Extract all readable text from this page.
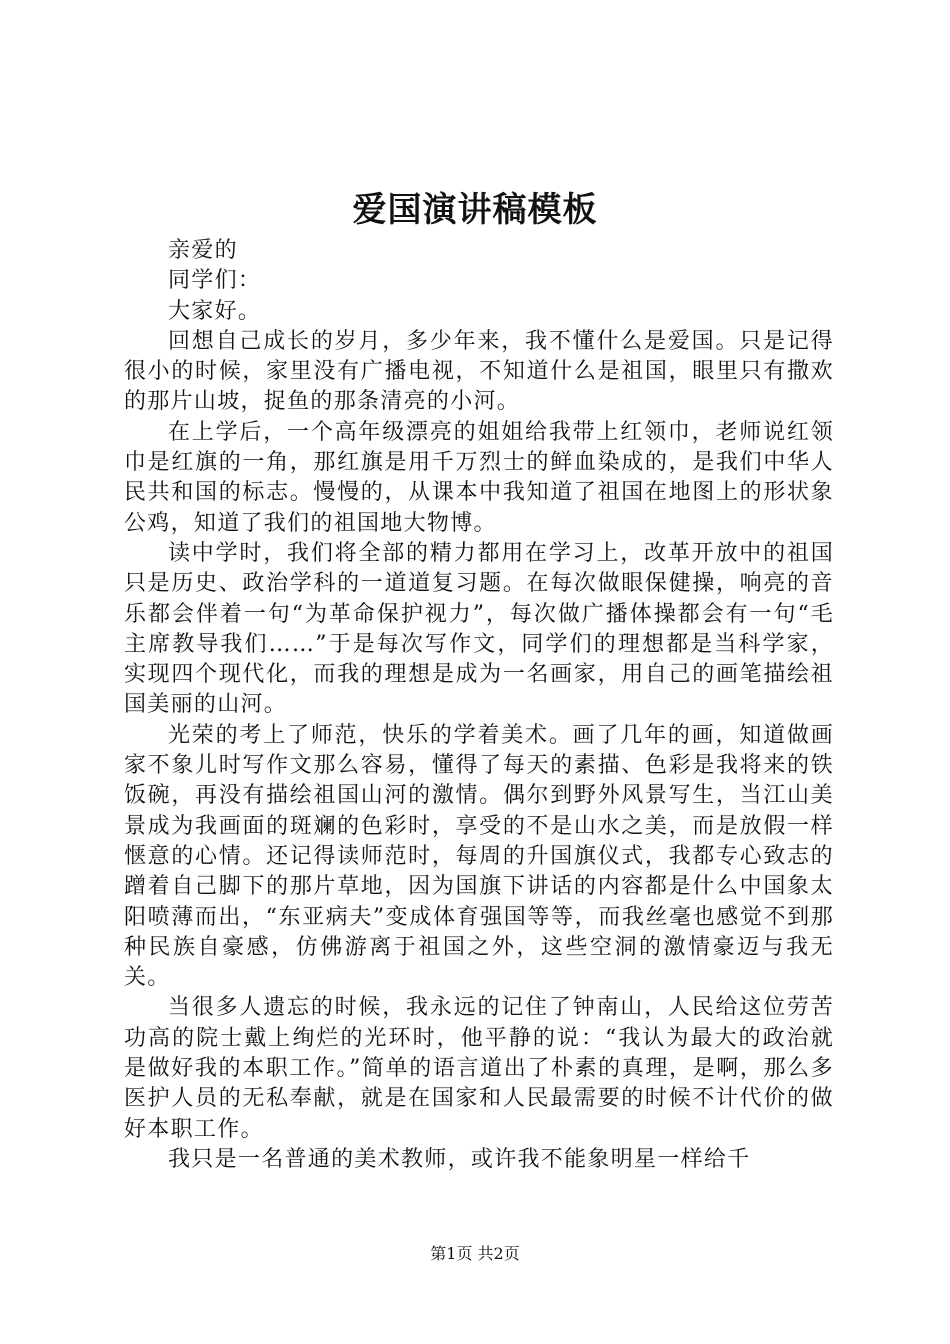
爱国演讲稿模板

亲爱的

同学们：

大家好。

回想自己成长的岁月，多少年来，我不懂什么是爱国。只是记得很小的时候，家里没有广播电视，不知道什么是祖国，眼里只有撒欢的那片山坡，捉鱼的那条清亮的小河。

在上学后，一个高年级漂亮的姐姐给我带上红领巾，老师说红领巾是红旗的一角，那红旗是用千万烈士的鲜血染成的，是我们中华人民共和国的标志。慢慢的，从课本中我知道了祖国在地图上的形状象公鸡，知道了我们的祖国地大物博。

读中学时，我们将全部的精力都用在学习上，改革开放中的祖国只是历史、政治学科的一道道复习题。在每次做眼保健操，响亮的音乐都会伴着一句“为革命保护视力”，每次做广播体操都会有一句“毛主席教导我们……”于是每次写作文，同学们的理想都是当科学家，实现四个现代化，而我的理想是成为一名画家，用自己的画笔描绘祖国美丽的山河。

光荣的考上了师范，快乐的学着美术。画了几年的画，知道做画家不象儿时写作文那么容易，懂得了每天的素描、色彩是我将来的铁饭碗，再没有描绘祖国山河的激情。偶尔到野外风景写生，当江山美景成为我画面的斑斓的色彩时，享受的不是山水之美，而是放假一样惬意的心情。还记得读师范时，每周的升国旗仪式，我都专心致志的蹭着自己脚下的那片草地，因为国旗下讲话的内容都是什么中国象太阳喷薄而出，“东亚病夫”变成体育强国等等，而我丝毫也感觉不到那种民族自豪感，仿佛游离于祖国之外，这些空洞的激情豪迈与我无关。

当很多人遗忘的时候，我永远的记住了钟南山，人民给这位劳苦功高的院士戴上绚烂的光环时，他平静的说：“我认为最大的政治就是做好我的本职工作。”简单的语言道出了朴素的真理，是啊，那么多医护人员的无私奉献，就是在国家和人民最需要的时候不计代价的做好本职工作。

我只是一名普通的美术教师，或许我不能象明星一样给千

第1页 共2页
